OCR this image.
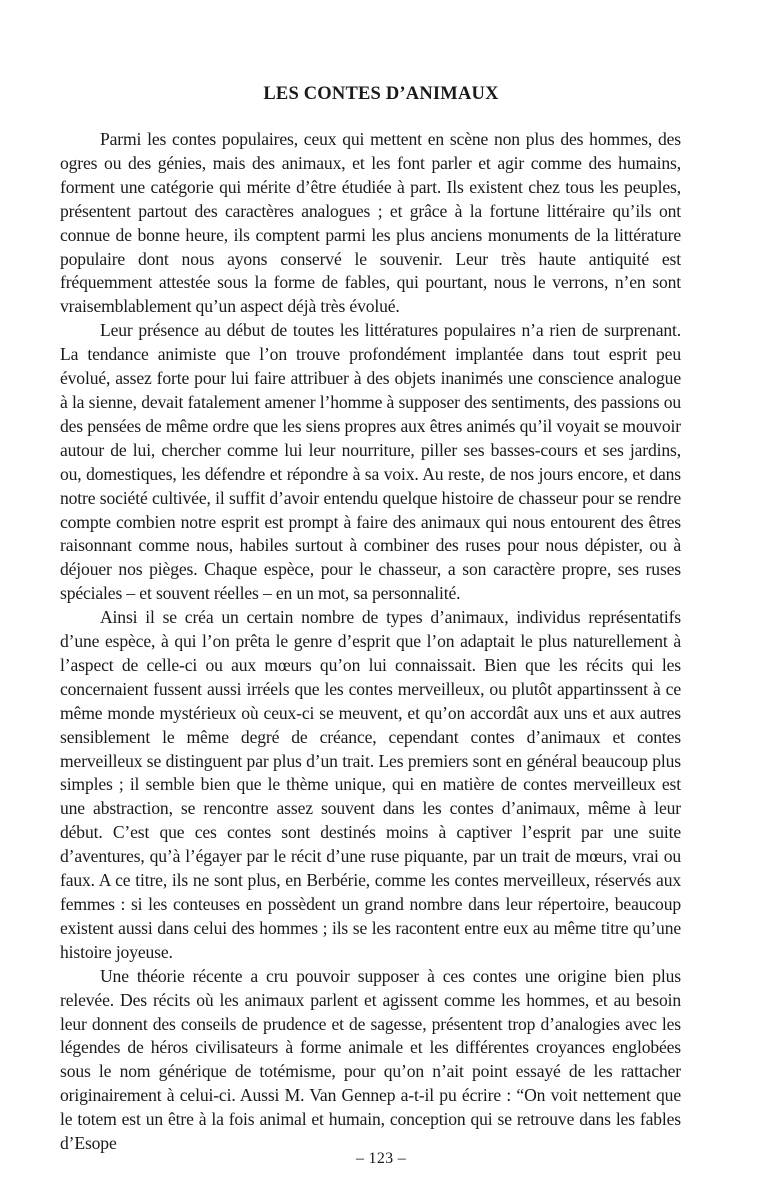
LES CONTES D’ANIMAUX

Parmi les contes populaires, ceux qui mettent en scène non plus des hommes, des ogres ou des génies, mais des animaux, et les font parler et agir comme des humains, forment une catégorie qui mérite d’être étudiée à part. Ils existent chez tous les peuples, présentent partout des caractères analogues ; et grâce à la fortune littéraire qu’ils ont connue de bonne heure, ils comptent parmi les plus anciens monuments de la littérature populaire dont nous ayons conservé le souvenir. Leur très haute antiquité est fréquemment attestée sous la forme de fables, qui pourtant, nous le verrons, n’en sont vraisemblablement qu’un aspect déjà très évolué.

Leur présence au début de toutes les littératures populaires n’a rien de surprenant. La tendance animiste que l’on trouve profondément implantée dans tout esprit peu évolué, assez forte pour lui faire attribuer à des objets inanimés une conscience analogue à la sienne, devait fatalement amener l’homme à supposer des sentiments, des passions ou des pensées de même ordre que les siens propres aux êtres animés qu’il voyait se mouvoir autour de lui, chercher comme lui leur nourriture, piller ses basses-cours et ses jardins, ou, domestiques, les défendre et répondre à sa voix. Au reste, de nos jours encore, et dans notre société cultivée, il suffit d’avoir entendu quelque histoire de chasseur pour se rendre compte combien notre esprit est prompt à faire des animaux qui nous entourent des êtres raisonnant comme nous, habiles surtout à combiner des ruses pour nous dépister, ou à déjouer nos pièges. Chaque espèce, pour le chasseur, a son caractère propre, ses ruses spéciales – et souvent réelles – en un mot, sa personnalité.

Ainsi il se créa un certain nombre de types d’animaux, individus représentatifs d’une espèce, à qui l’on prêta le genre d’esprit que l’on adaptait le plus naturellement à l’aspect de celle-ci ou aux mœurs qu’on lui connaissait. Bien que les récits qui les concernaient fussent aussi irréels que les contes merveilleux, ou plutôt appartinssent à ce même monde mystérieux où ceux-ci se meuvent, et qu’on accordât aux uns et aux autres sensiblement le même degré de créance, cependant contes d’animaux et contes merveilleux se distinguent par plus d’un trait. Les premiers sont en général beaucoup plus simples ; il semble bien que le thème unique, qui en matière de contes merveilleux est une abstraction, se rencontre assez souvent dans les contes d’animaux, même à leur début. C’est que ces contes sont destinés moins à captiver l’esprit par une suite d’aventures, qu’à l’égayer par le récit d’une ruse piquante, par un trait de mœurs, vrai ou faux. A ce titre, ils ne sont plus, en Berbérie, comme les contes merveilleux, réservés aux femmes : si les conteuses en possèdent un grand nombre dans leur répertoire, beaucoup existent aussi dans celui des hommes ; ils se les racontent entre eux au même titre qu’une histoire joyeuse.

Une théorie récente a cru pouvoir supposer à ces contes une origine bien plus relevée. Des récits où les animaux parlent et agissent comme les hommes, et au besoin leur donnent des conseils de prudence et de sagesse, présentent trop d’analogies avec les légendes de héros civilisateurs à forme animale et les différentes croyances englobées sous le nom générique de totémisme, pour qu’on n’ait point essayé de les rattacher originairement à celui-ci. Aussi M. Van Gennep a-t-il pu écrire : “On voit nettement que le totem est un être à la fois animal et humain, conception qui se retrouve dans les fables d’Esope

– 123 –
